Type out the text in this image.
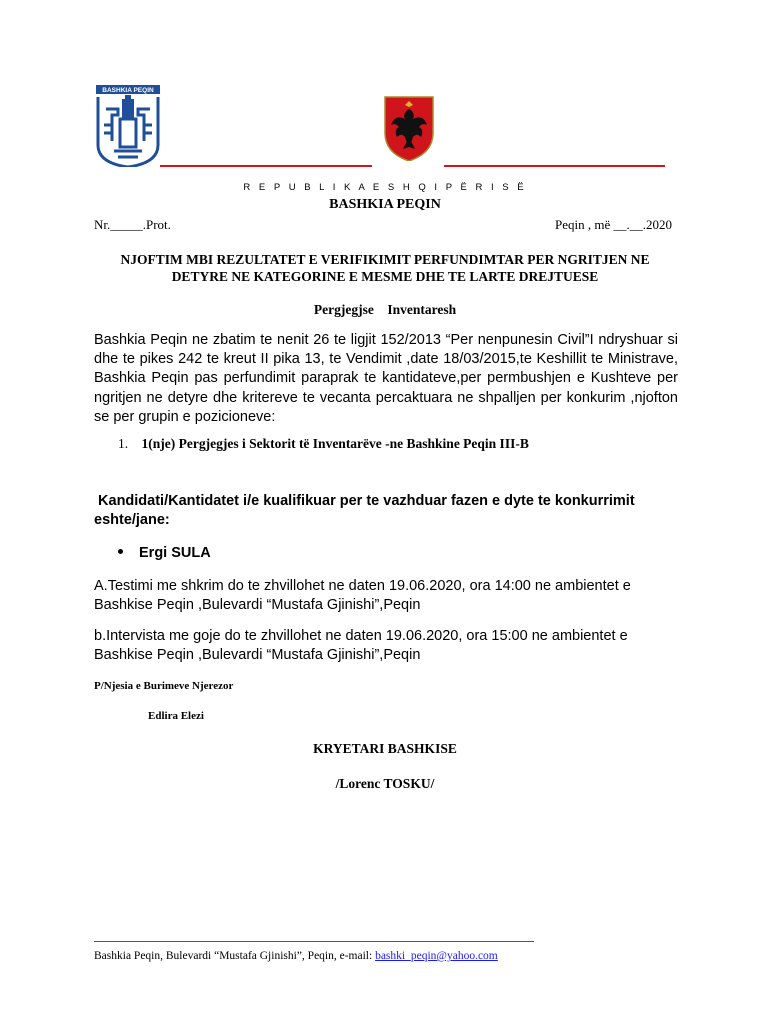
BASHKIA PEQIN
R E P U B L I K A E S H Q I P Ë R I S Ë
BASHKIA PEQIN
Nr._____.Prot.	Peqin , më __.__.2020
NJOFTIM MBI REZULTATET E VERIFIKIMIT PERFUNDIMTAR PER NGRITJEN NE DETYRE NE KATEGORINE E MESME DHE TE LARTE DREJTUESE
Pergjegjse    Inventaresh
Bashkia Peqin ne zbatim te nenit 26 te ligjit 152/2013 “Per nenpunesin Civil”I ndryshuar si dhe te pikes 242 te kreut II pika 13, te Vendimit ,date 18/03/2015,te Keshillit te Ministrave, Bashkia Peqin pas perfundimit paraprak te kantidateve,per permbushjen e Kushteve per ngritjen ne detyre dhe kritereve te vecanta percaktuara ne shpalljen per konkurim ,njofton se per grupin e pozicioneve:
1. 1(nje) Pergjegjes i Sektorit të Inventarëve -ne Bashkine Peqin III-B
Kandidati/Kantidatet i/e kualifikuar per te vazhduar fazen e dyte te konkurrimit eshte/jane:
Ergi SULA
A.Testimi me shkrim do te zhvillohet ne daten 19.06.2020, ora 14:00 ne ambientet e Bashkise Peqin ,Bulevardi “Mustafa Gjinishi”,Peqin
b.Intervista me goje do te zhvillohet ne daten 19.06.2020, ora 15:00 ne ambientet e Bashkise Peqin ,Bulevardi “Mustafa Gjinishi”,Peqin
P/Njesia e Burimeve Njerezor
Edlira Elezi
KRYETARI BASHKISE
/Lorenc TOSKU/
Bashkia Peqin, Bulevardi “Mustafa Gjinishi”, Peqin, e-mail: bashki_peqin@yahoo.com
